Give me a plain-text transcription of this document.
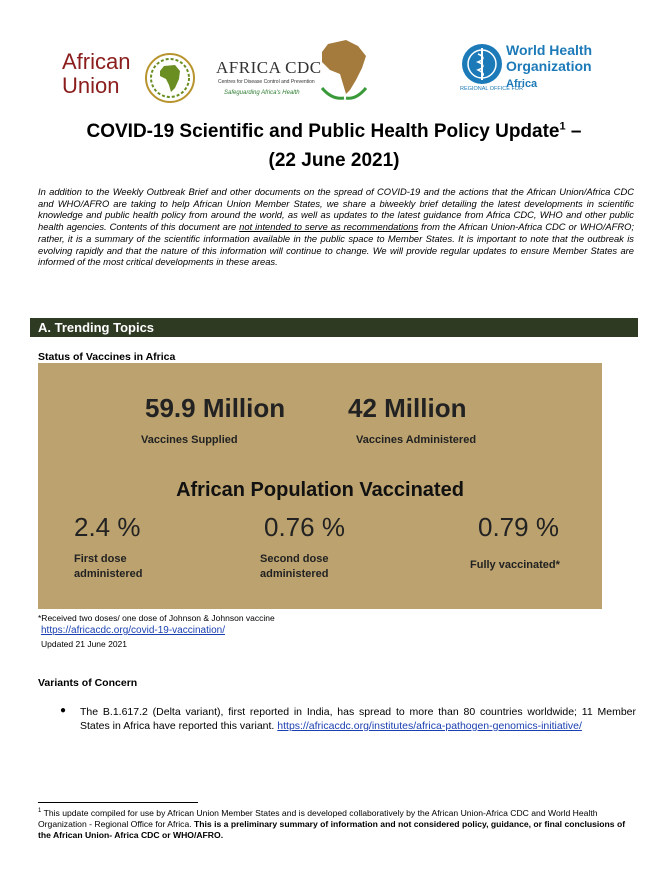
African
Union
AFRICA CDC
Centres for Disease Control and Prevention
Safeguarding Africa's Health
World Health
Organization
REGIONAL OFFICE FOR
Africa
COVID-19 Scientific and Public Health Policy Update$^1$ –
(22 June 2021)
In addition to the Weekly Outbreak Brief and other documents on the spread of COVID-19 and the actions that the African Union/Africa CDC and WHO/AFRO are taking to help African Union Member States, we share a biweekly brief detailing the latest developments in scientific knowledge and public health policy from around the world, as well as updates to the latest guidance from Africa CDC, WHO and other public health agencies. Contents of this document are not intended to serve as recommendations from the African Union-Africa CDC or WHO/AFRO; rather, it is a summary of the scientific information available in the public space to Member States. It is important to note that the outbreak is evolving rapidly and that the nature of this information will continue to change. We will provide regular updates to ensure Member States are informed of the most critical developments in these areas.
A. Trending Topics
Status of Vaccines in Africa
59.9 Million
Vaccines Supplied
42 Million
Vaccines Administered
African Population Vaccinated
2.4 %
First dose
administered
0.76 %
Second dose
administered
0.79 %
Fully vaccinated*
*Received two doses/ one dose of Johnson & Johnson vaccine
https://africacdc.org/covid-19-vaccination/
Updated 21 June 2021
Variants of Concern
● The B.1.617.2 (Delta variant), first reported in India, has spread to more than 80 countries worldwide; 11 Member States in Africa have reported this variant. https://africacdc.org/institutes/africa-pathogen-genomics-initiative/
$^1$ This update compiled for use by African Union Member States and is developed collaboratively by the African Union-Africa CDC and World Health Organization - Regional Office for Africa. This is a preliminary summary of information and not considered policy, guidance, or final conclusions of the African Union- Africa CDC or WHO/AFRO.
